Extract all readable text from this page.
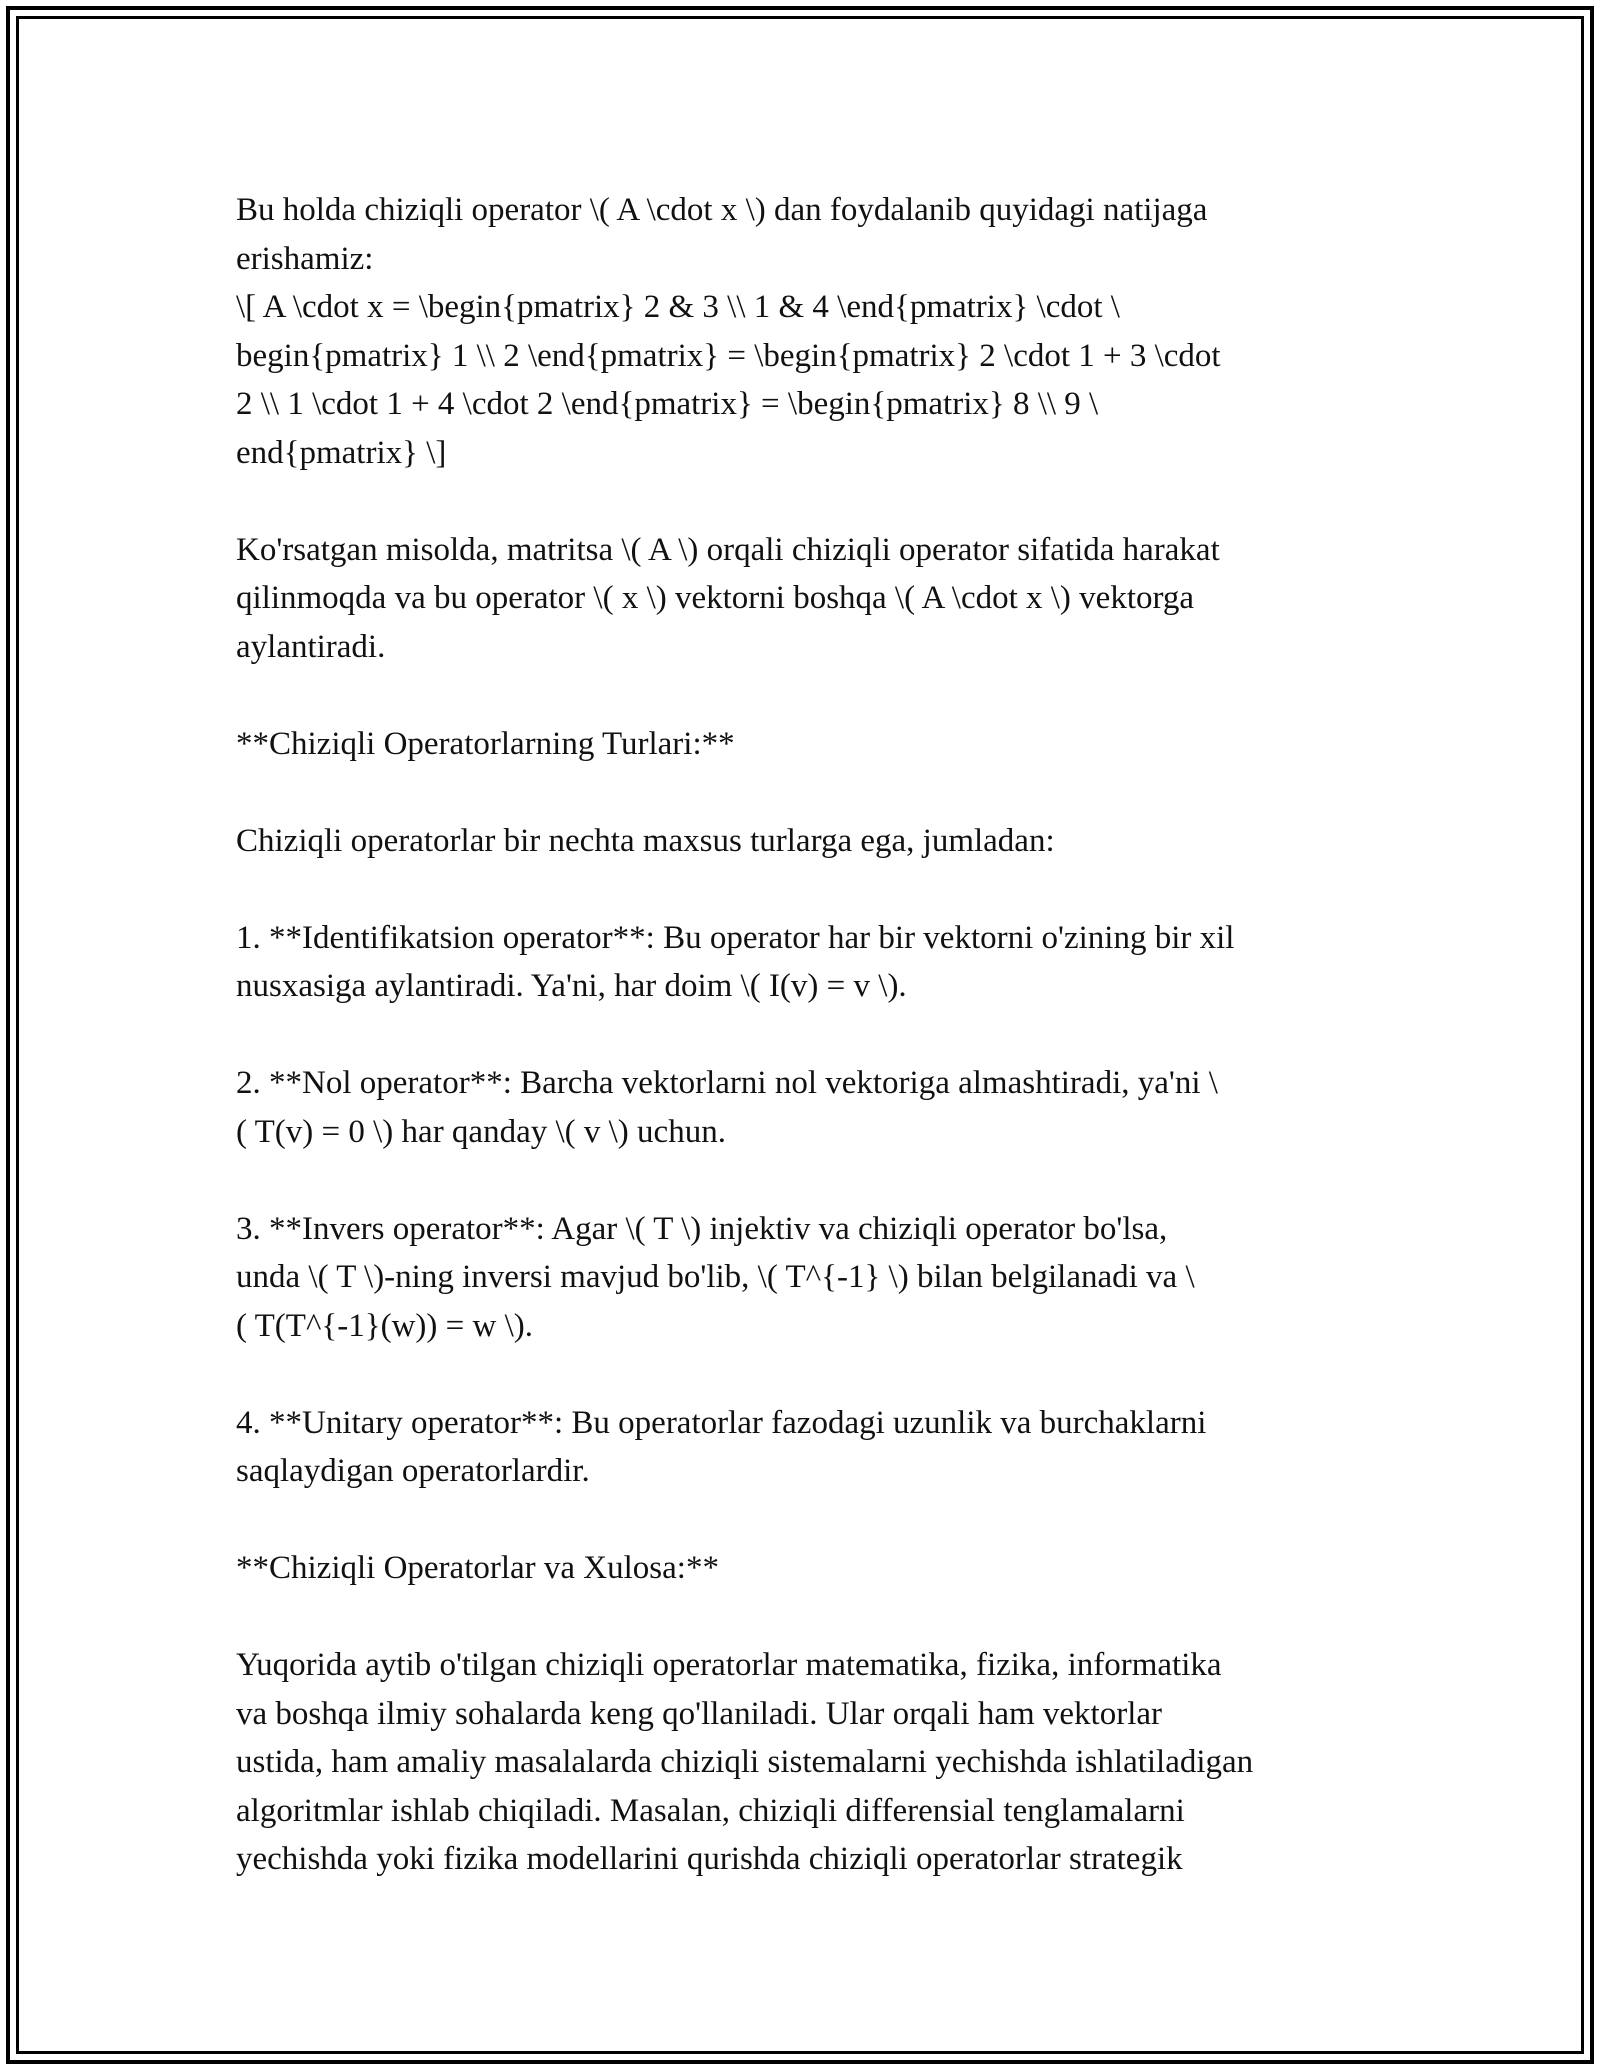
Bu holda chiziqli operator \( A \cdot x \) dan foydalanib quyidagi natijaga
erishamiz:
\[ A \cdot x = \begin{pmatrix} 2 & 3 \\ 1 & 4 \end{pmatrix} \cdot \
begin{pmatrix} 1 \\ 2 \end{pmatrix} = \begin{pmatrix} 2 \cdot 1 + 3 \cdot
2 \\ 1 \cdot 1 + 4 \cdot 2 \end{pmatrix} = \begin{pmatrix} 8 \\ 9 \
end{pmatrix} \]

Ko'rsatgan misolda, matritsa \( A \) orqali chiziqli operator sifatida harakat
qilinmoqda va bu operator \( x \) vektorni boshqa \( A \cdot x \) vektorga
aylantiradi.

**Chiziqli Operatorlarning Turlari:**

Chiziqli operatorlar bir nechta maxsus turlarga ega, jumladan:

1. **Identifikatsion operator**: Bu operator har bir vektorni o'zining bir xil
nusxasiga aylantiradi. Ya'ni, har doim \( I(v) = v \).

2. **Nol operator**: Barcha vektorlarni nol vektoriga almashtiradi, ya'ni \
( T(v) = 0 \) har qanday \( v \) uchun.

3. **Invers operator**: Agar \( T \) injektiv va chiziqli operator bo'lsa,
unda \( T \)-ning inversi mavjud bo'lib, \( T^{-1} \) bilan belgilanadi va \
( T(T^{-1}(w)) = w \).

4. **Unitary operator**: Bu operatorlar fazodagi uzunlik va burchaklarni
saqlaydigan operatorlardir.

**Chiziqli Operatorlar va Xulosa:**

Yuqorida aytib o'tilgan chiziqli operatorlar matematika, fizika, informatika
va boshqa ilmiy sohalarda keng qo'llaniladi. Ular orqali ham vektorlar
ustida, ham amaliy masalalarda chiziqli sistemalarni yechishda ishlatiladigan
algoritmlar ishlab chiqiladi. Masalan, chiziqli differensial tenglamalarni
yechishda yoki fizika modellarini qurishda chiziqli operatorlar strategik
